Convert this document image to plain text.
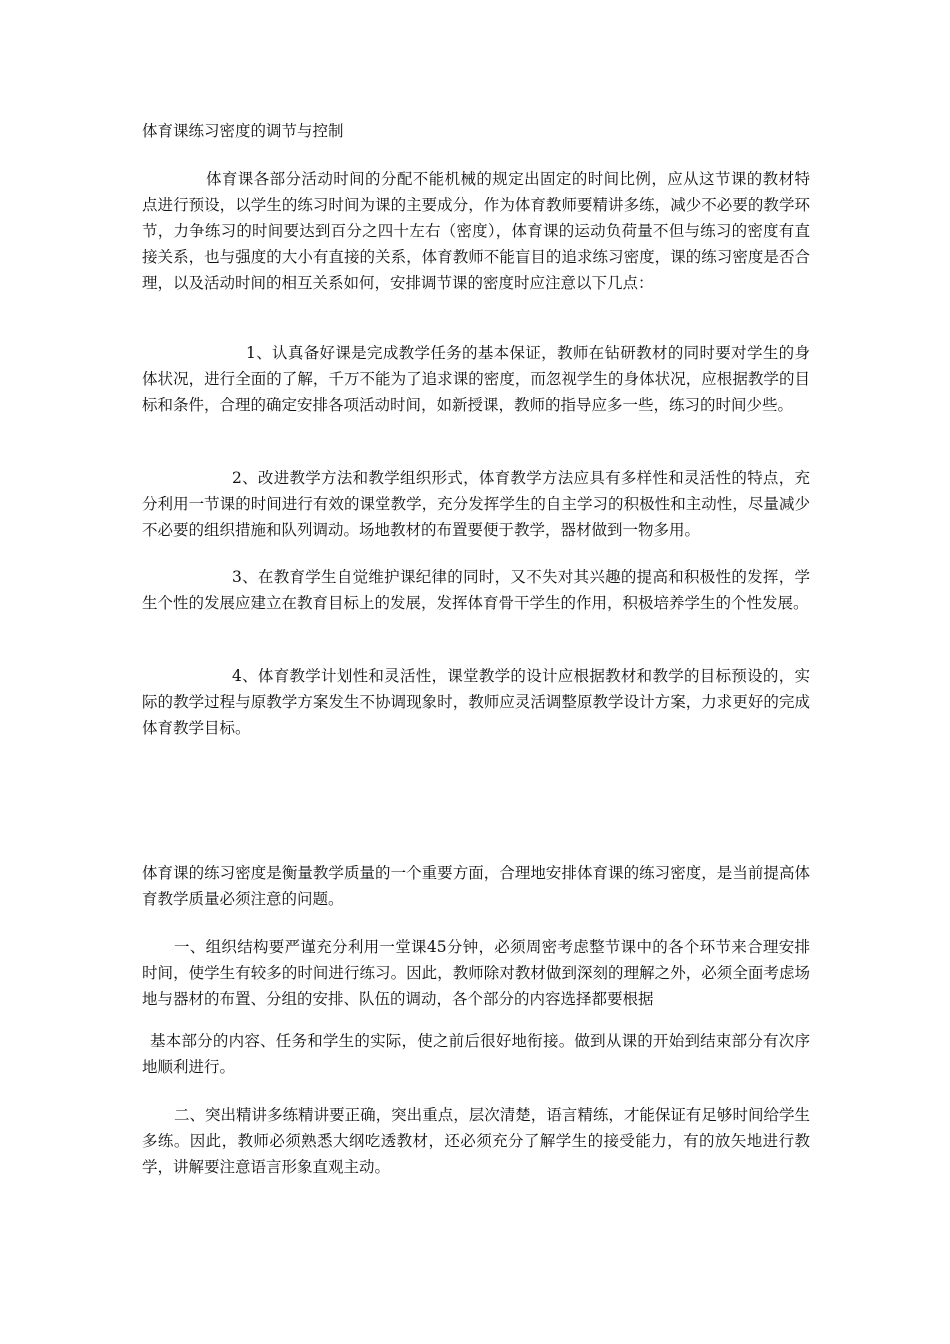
体育课练习密度的调节与控制

体育课各部分活动时间的分配不能机械的规定出固定的时间比例，应从这节课的教材特点进行预设，以学生的练习时间为课的主要成分，作为体育教师要精讲多练，减少不必要的教学环节，力争练习的时间要达到百分之四十左右（密度），体育课的运动负荷量不但与练习的密度有直接关系，也与强度的大小有直接的关系，体育教师不能盲目的追求练习密度，课的练习密度是否合理，以及活动时间的相互关系如何，安排调节课的密度时应注意以下几点：

1、认真备好课是完成教学任务的基本保证，教师在钻研教材的同时要对学生的身体状况，进行全面的了解，千万不能为了追求课的密度，而忽视学生的身体状况，应根据教学的目标和条件，合理的确定安排各项活动时间，如新授课，教师的指导应多一些，练习的时间少些。

2、改进教学方法和教学组织形式，体育教学方法应具有多样性和灵活性的特点，充分利用一节课的时间进行有效的课堂教学，充分发挥学生的自主学习的积极性和主动性，尽量减少不必要的组织措施和队列调动。场地教材的布置要便于教学，器材做到一物多用。

3、在教育学生自觉维护课纪律的同时，又不失对其兴趣的提高和积极性的发挥，学生个性的发展应建立在教育目标上的发展，发挥体育骨干学生的作用，积极培养学生的个性发展。

4、体育教学计划性和灵活性，课堂教学的设计应根据教材和教学的目标预设的，实际的教学过程与原教学方案发生不协调现象时，教师应灵活调整原教学设计方案，力求更好的完成体育教学目标。

体育课的练习密度是衡量教学质量的一个重要方面，合理地安排体育课的练习密度，是当前提高体育教学质量必须注意的问题。

一、组织结构要严谨充分利用一堂课45分钟，必须周密考虑整节课中的各个环节来合理安排时间，使学生有较多的时间进行练习。因此，教师除对教材做到深刻的理解之外，必须全面考虑场地与器材的布置、分组的安排、队伍的调动，各个部分的内容选择都要根据

基本部分的内容、任务和学生的实际，使之前后很好地衔接。做到从课的开始到结束部分有次序地顺利进行。

二、突出精讲多练精讲要正确，突出重点，层次清楚，语言精练，才能保证有足够时间给学生多练。因此，教师必须熟悉大纲吃透教材，还必须充分了解学生的接受能力，有的放矢地进行教学，讲解要注意语言形象直观主动。
